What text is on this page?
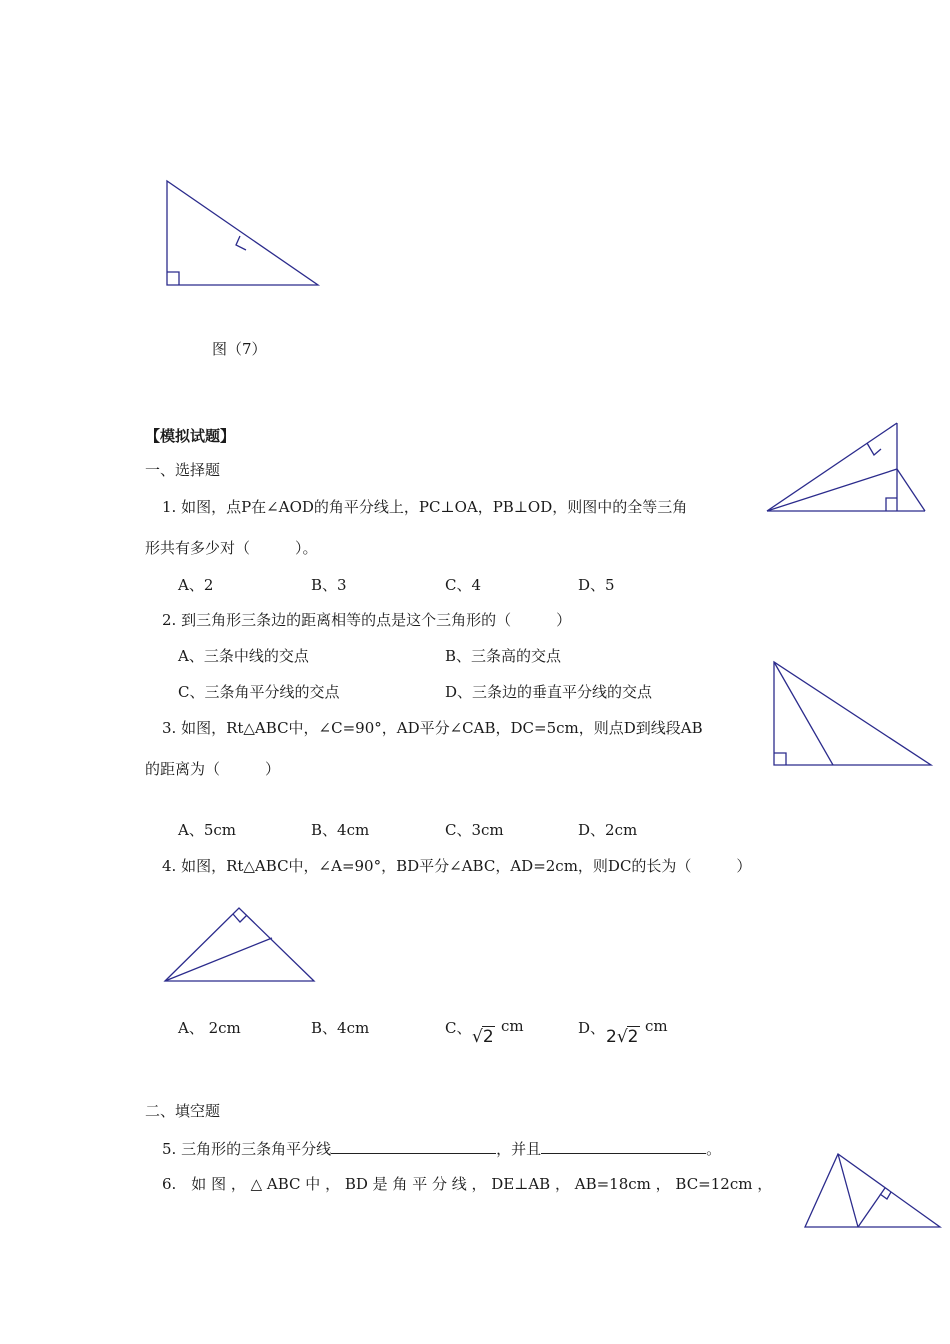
图（7）
【模拟试题】
一、选择题
1. 如图，点P在∠AOD的角平分线上，PC⊥OA，PB⊥OD，则图中的全等三角
形共有多少对（　　　）。
A、2	B、3	C、4	D、5
2. 到三角形三条边的距离相等的点是这个三角形的（　　　）
A、三条中线的交点	B、三条高的交点
C、三条角平分线的交点	D、三条边的垂直平分线的交点
3. 如图，Rt△ABC中，∠C=90°，AD平分∠CAB，DC=5cm，则点D到线段AB
的距离为（　　　）
A、5cm	B、4cm	C、3cm	D、2cm
4. 如图，Rt△ABC中，∠A=90°，BD平分∠ABC，AD=2cm，则DC的长为（　　　）
A、 2cm	B、4cm	C、 √2
cm	D、 2√2
cm
二、填空题
5. 三角形的三条角平分线	，并且	。
6.　如 图 ， △ ABC 中 ， BD 是 角 平 分 线 ， DE⊥AB ， AB=18cm ， BC=12cm ，
